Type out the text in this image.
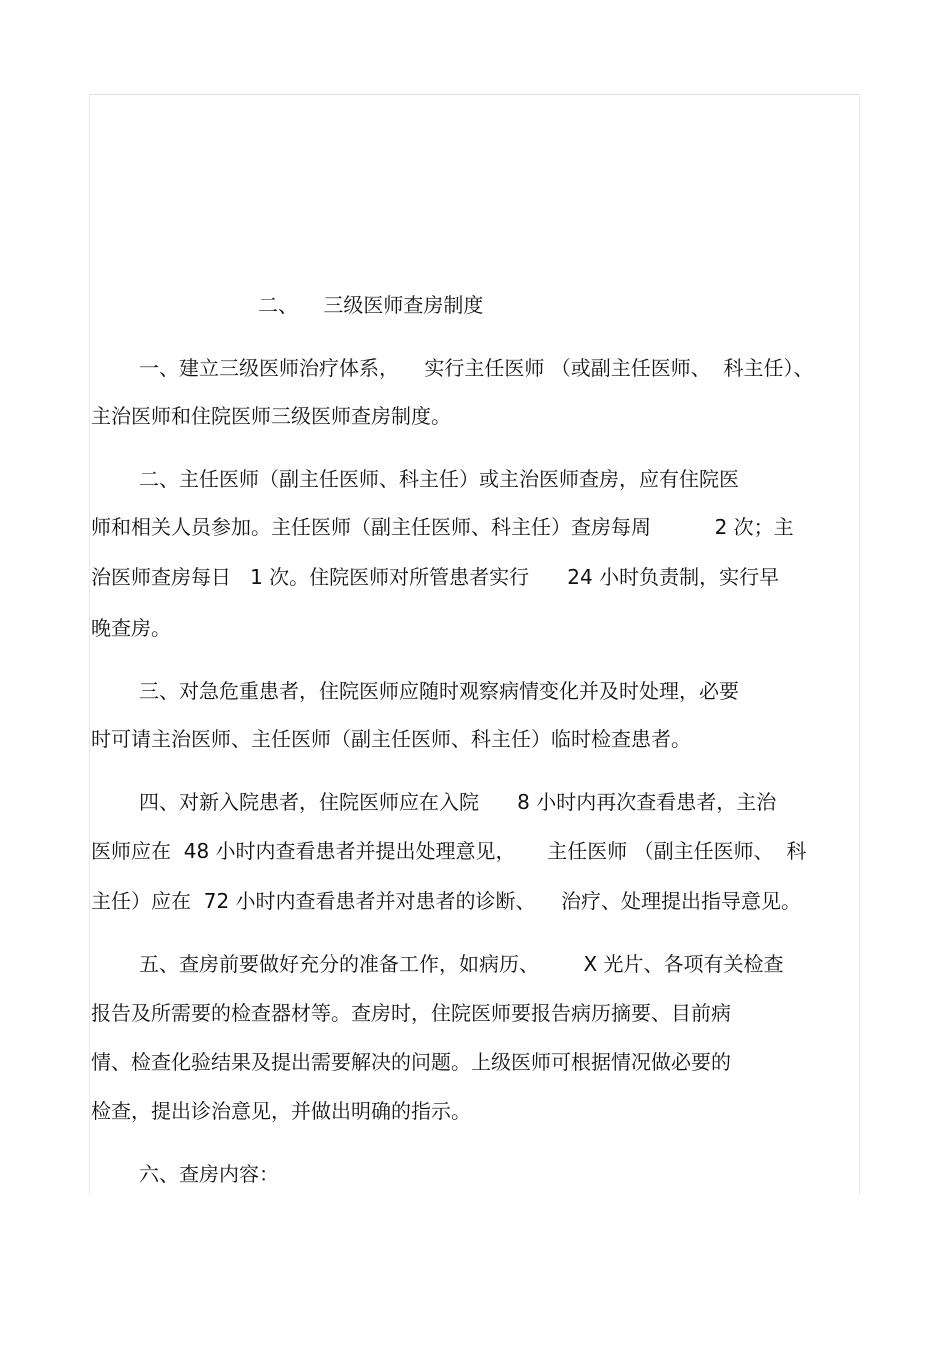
二、    三级医师查房制度
一、建立三级医师治疗体系，    实行主任医师 （或副主任医师、  科主任）、
主治医师和住院医师三级医师查房制度。
二、主任医师（副主任医师、科主任）或主治医师查房，应有住院医
师和相关人员参加。主任医师（副主任医师、科主任）查房每周          2 次；主
治医师查房每日   1 次。住院医师对所管患者实行      24 小时负责制，实行早
晚查房。
三、对急危重患者，住院医师应随时观察病情变化并及时处理，必要
时可请主治医师、主任医师（副主任医师、科主任）临时检查患者。
四、对新入院患者，住院医师应在入院      8 小时内再次查看患者，主治
医师应在  48 小时内查看患者并提出处理意见，     主任医师 （副主任医师、  科
主任）应在  72 小时内查看患者并对患者的诊断、    治疗、处理提出指导意见。
五、查房前要做好充分的准备工作，如病历、       X 光片、各项有关检查
报告及所需要的检查器材等。查房时，住院医师要报告病历摘要、目前病
情、检查化验结果及提出需要解决的问题。上级医师可根据情况做必要的
检查，提出诊治意见，并做出明确的指示。
六、查房内容：
